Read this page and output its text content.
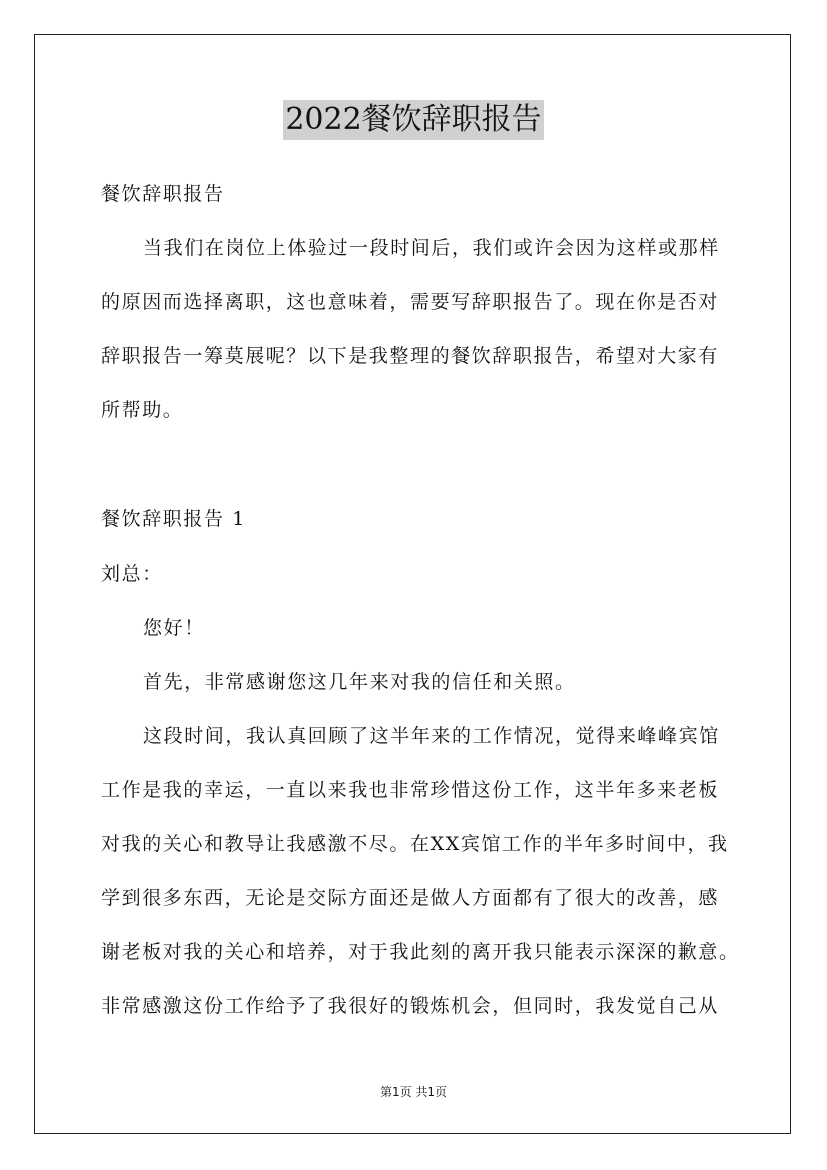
2022餐饮辞职报告
餐饮辞职报告
当我们在岗位上体验过一段时间后，我们或许会因为这样或那样
的原因而选择离职，这也意味着，需要写辞职报告了。现在你是否对
辞职报告一筹莫展呢？以下是我整理的餐饮辞职报告，希望对大家有
所帮助。
餐饮辞职报告 1
刘总：
您好！
首先，非常感谢您这几年来对我的信任和关照。
这段时间，我认真回顾了这半年来的工作情况，觉得来峰峰宾馆
工作是我的幸运，一直以来我也非常珍惜这份工作，这半年多来老板
对我的关心和教导让我感激不尽。在XX宾馆工作的半年多时间中，我
学到很多东西，无论是交际方面还是做人方面都有了很大的改善，感
谢老板对我的关心和培养，对于我此刻的离开我只能表示深深的歉意。
非常感激这份工作给予了我很好的锻炼机会，但同时，我发觉自己从
第1页 共1页
